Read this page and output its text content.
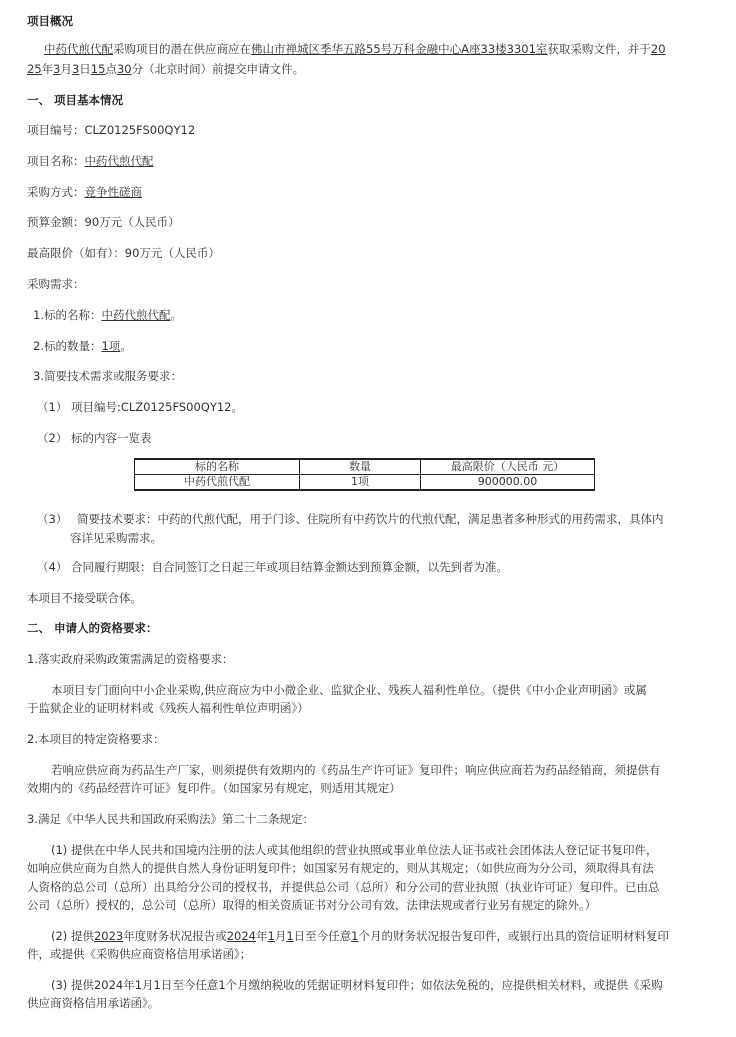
项目概况
中药代煎代配采购项目的潜在供应商应在佛山市禅城区季华五路55号万科金融中心A座33楼3301室获取采购文件，并于20
25年3月3日15点30分（北京时间）前提交申请文件。
一、 项目基本情况
项目编号：CLZ0125FS00QY12
项目名称：中药代煎代配
采购方式：竞争性磋商
预算金额：90万元（人民币）
最高限价（如有）：90万元（人民币）
采购需求：
1.标的名称：中药代煎代配。
2.标的数量：1项。
3.简要技术需求或服务要求：
（1） 项目编号:CLZ0125FS00QY12。
（2） 标的内容一览表
标的名称	数量	最高限价（人民币 元）
中药代煎代配	1项	900000.00
（3） 简要技术要求：中药的代煎代配，用于门诊、住院所有中药饮片的代煎代配，满足患者多种形式的用药需求，具体内
容详见采购需求。
（4） 合同履行期限：自合同签订之日起三年或项目结算金额达到预算金额，以先到者为准。
本项目不接受联合体。
二、 申请人的资格要求：
1.落实政府采购政策需满足的资格要求：
本项目专门面向中小企业采购,供应商应为中小微企业、监狱企业、残疾人福利性单位。（提供《中小企业声明函》或属
于监狱企业的证明材料或《残疾人福利性单位声明函》）
2.本项目的特定资格要求：
若响应供应商为药品生产厂家，则须提供有效期内的《药品生产许可证》复印件；响应供应商若为药品经销商，须提供有
效期内的《药品经营许可证》复印件。（如国家另有规定，则适用其规定）
3.满足《中华人民共和国政府采购法》第二十二条规定：
(1) 提供在中华人民共和国境内注册的法人或其他组织的营业执照或事业单位法人证书或社会团体法人登记证书复印件，
如响应供应商为自然人的提供自然人身份证明复印件；如国家另有规定的，则从其规定；（如供应商为分公司，须取得具有法
人资格的总公司（总所）出具给分公司的授权书，并提供总公司（总所）和分公司的营业执照（执业许可证）复印件。已由总
公司（总所）授权的，总公司（总所）取得的相关资质证书对分公司有效，法律法规或者行业另有规定的除外。）
(2) 提供2023年度财务状况报告或2024年1月1日至今任意1个月的财务状况报告复印件，或银行出具的资信证明材料复印
件，或提供《采购供应商资格信用承诺函》；
(3) 提供2024年1月1日至今任意1个月缴纳税收的凭据证明材料复印件；如依法免税的，应提供相关材料，或提供《采购
供应商资格信用承诺函》。
